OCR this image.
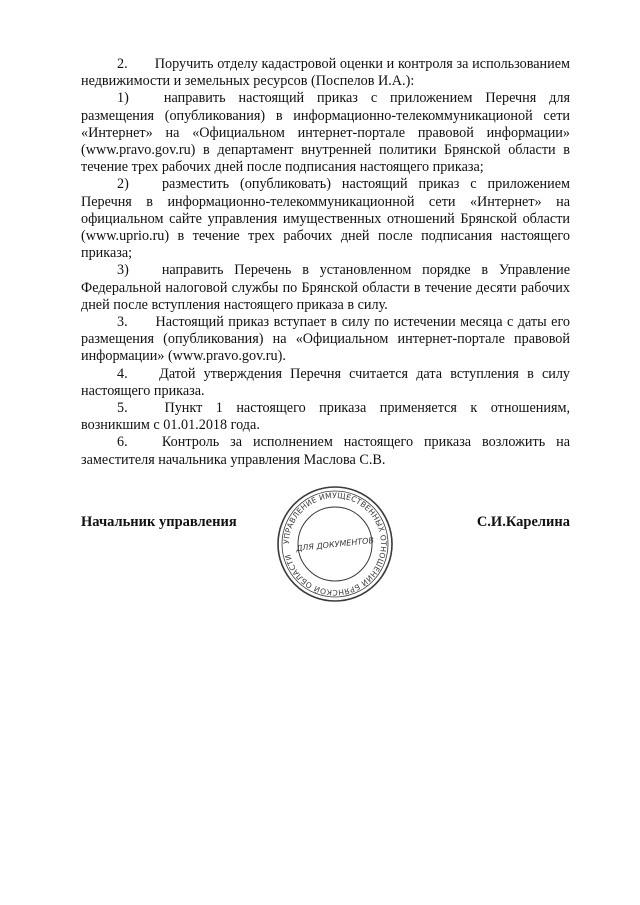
2. Поручить отделу кадастровой оценки и контроля за использованием недвижимости и земельных ресурсов (Поспелов И.А.):

1) направить настоящий приказ с приложением Перечня для размещения (опубликования) в информационно-телекоммуникационой сети «Интернет» на «Официальном интернет-портале правовой информации» (www.pravo.gov.ru) в департамент внутренней политики Брянской области в течение трех рабочих дней после подписания настоящего приказа;

2) разместить (опубликовать) настоящий приказ с приложением Перечня в информационно-телекоммуникационной сети «Интернет» на официальном сайте управления имущественных отношений Брянской области (www.uprio.ru) в течение трех рабочих дней после подписания настоящего приказа;

3) направить Перечень в установленном порядке в Управление Федеральной налоговой службы по Брянской области в течение десяти рабочих дней после вступления настоящего приказа в силу.

3. Настоящий приказ вступает в силу по истечении месяца с даты его размещения (опубликования) на «Официальном интернет-портале правовой информации» (www.pravo.gov.ru).

4. Датой утверждения Перечня считается дата вступления в силу настоящего приказа.

5.	Пункт 1 настоящего приказа применяется к отношениям, возникшим с 01.01.2018 года.

6. Контроль за исполнением настоящего приказа возложить на заместителя начальника управления Маслова С.В.

Начальник управления	С.И.Карелина
УПРАВЛЕНИЕ ИМУЩЕСТВЕННЫХ ОТНОШЕНИЙ БРЯНСКОЙ ОБЛАСТИ
ДЛЯ ДОКУМЕНТОВ
